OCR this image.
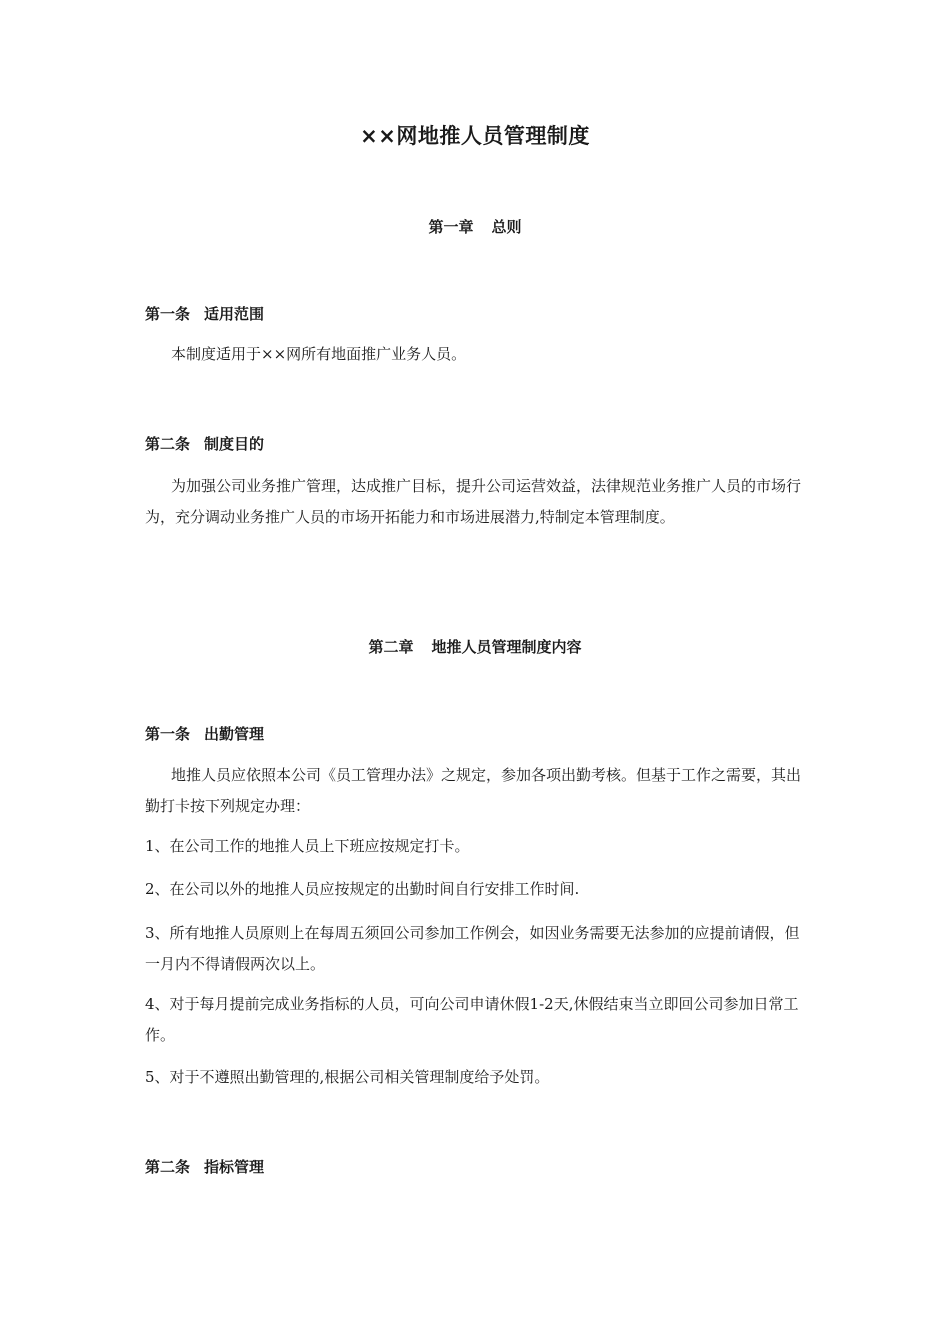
××网地推人员管理制度
第一章 总则
第一条 适用范围
本制度适用于××网所有地面推广业务人员。
第二条 制度目的
为加强公司业务推广管理，达成推广目标，提升公司运营效益，法律规范业务推广人员的市场行为，充分调动业务推广人员的市场开拓能力和市场进展潜力,特制定本管理制度。
第二章 地推人员管理制度内容
第一条 出勤管理
地推人员应依照本公司《员工管理办法》之规定，参加各项出勤考核。但基于工作之需要，其出勤打卡按下列规定办理：
1、在公司工作的地推人员上下班应按规定打卡。
2、在公司以外的地推人员应按规定的出勤时间自行安排工作时间.
3、所有地推人员原则上在每周五须回公司参加工作例会，如因业务需要无法参加的应提前请假，但一月内不得请假两次以上。
4、对于每月提前完成业务指标的人员，可向公司申请休假1-2天,休假结束当立即回公司参加日常工作。
5、对于不遵照出勤管理的,根据公司相关管理制度给予处罚。
第二条 指标管理
